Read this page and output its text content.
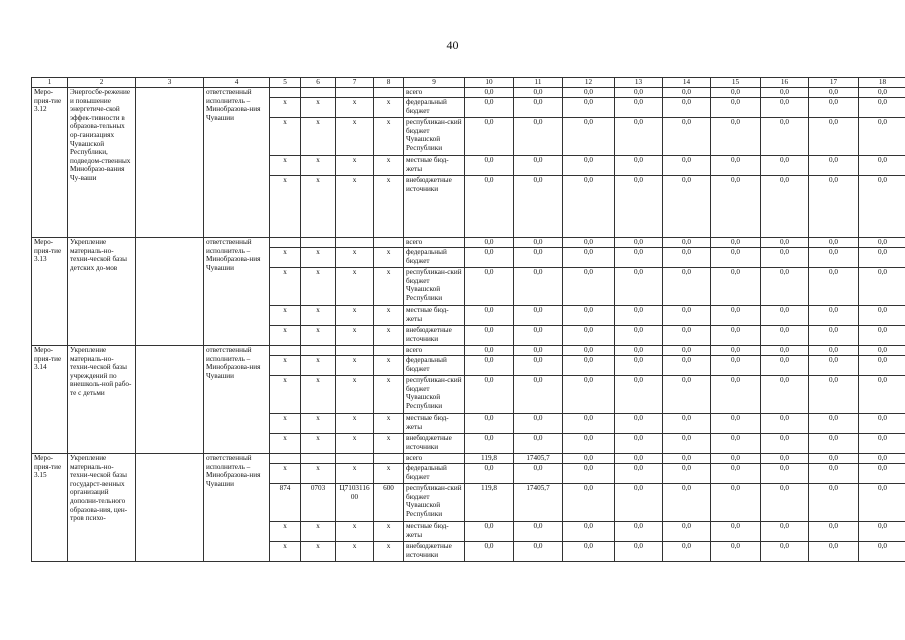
40
1	2	3	4	5	6	7	8	9	10	11	12	13	14	15	16	17	18
Меро-прия-тие 3.12	Энергосбе-режение и повышение энергетиче-ской эффек-тивности в образова-тельных ор-ганизациях Чувашской Республики, подведом-ственных Минобразо-вания Чу-ваши		ответственный исполнитель – Минобразова-ния Чувашии					всего	0,0	0,0	0,0	0,0	0,0	0,0	0,0	0,0	0,0
				x	x	x	x	федеральный бюджет	0,0	0,0	0,0	0,0	0,0	0,0	0,0	0,0	0,0
				x	x	x	x	республикан-ский бюджет Чувашской Республики	0,0	0,0	0,0	0,0	0,0	0,0	0,0	0,0	0,0
				x	x	x	x	местные бюд-жеты	0,0	0,0	0,0	0,0	0,0	0,0	0,0	0,0	0,0
				x	x	x	x	внебюджетные источники	0,0	0,0	0,0	0,0	0,0	0,0	0,0	0,0	0,0
Меро-прия-тие 3.13	Укрепление материаль-но-техни-ческой базы детских до-мов		ответственный исполнитель – Минобразова-ния Чувашии					всего	0,0	0,0	0,0	0,0	0,0	0,0	0,0	0,0	0,0
				x	x	x	x	федеральный бюджет	0,0	0,0	0,0	0,0	0,0	0,0	0,0	0,0	0,0
				x	x	x	x	республикан-ский бюджет Чувашской Республики	0,0	0,0	0,0	0,0	0,0	0,0	0,0	0,0	0,0
				x	x	x	x	местные бюд-жеты	0,0	0,0	0,0	0,0	0,0	0,0	0,0	0,0	0,0
				x	x	x	x	внебюджетные источники	0,0	0,0	0,0	0,0	0,0	0,0	0,0	0,0	0,0
Меро-прия-тие 3.14	Укрепление материаль-но-техни-ческой базы учреждений по внешколь-ной рабо-те с детьми		ответственный исполнитель – Минобразова-ния Чувашии					всего	0,0	0,0	0,0	0,0	0,0	0,0	0,0	0,0	0,0
				x	x	x	x	федеральный бюджет	0,0	0,0	0,0	0,0	0,0	0,0	0,0	0,0	0,0
				x	x	x	x	республикан-ский бюджет Чувашской Республики	0,0	0,0	0,0	0,0	0,0	0,0	0,0	0,0	0,0
				x	x	x	x	местные бюд-жеты	0,0	0,0	0,0	0,0	0,0	0,0	0,0	0,0	0,0
				x	x	x	x	внебюджетные источники	0,0	0,0	0,0	0,0	0,0	0,0	0,0	0,0	0,0
Меро-прия-тие 3.15	Укрепление материаль-но-техни-ческой базы государст-венных организаций дополни-тельного образова-ния, цен-тров психо-		ответственный исполнитель – Минобразова-ния Чувашии					всего	119,8	17405,7	0,0	0,0	0,0	0,0	0,0	0,0	0,0
				x	x	x	x	федеральный бюджет	0,0	0,0	0,0	0,0	0,0	0,0	0,0	0,0	0,0
				874	0703	Ц710311600	600	республикан-ский бюджет Чувашской Республики	119,8	17405,7	0,0	0,0	0,0	0,0	0,0	0,0	0,0
				x	x	x	x	местные бюд-жеты	0,0	0,0	0,0	0,0	0,0	0,0	0,0	0,0	0,0
				x	x	x	x	внебюджетные источники	0,0	0,0	0,0	0,0	0,0	0,0	0,0	0,0	0,0
